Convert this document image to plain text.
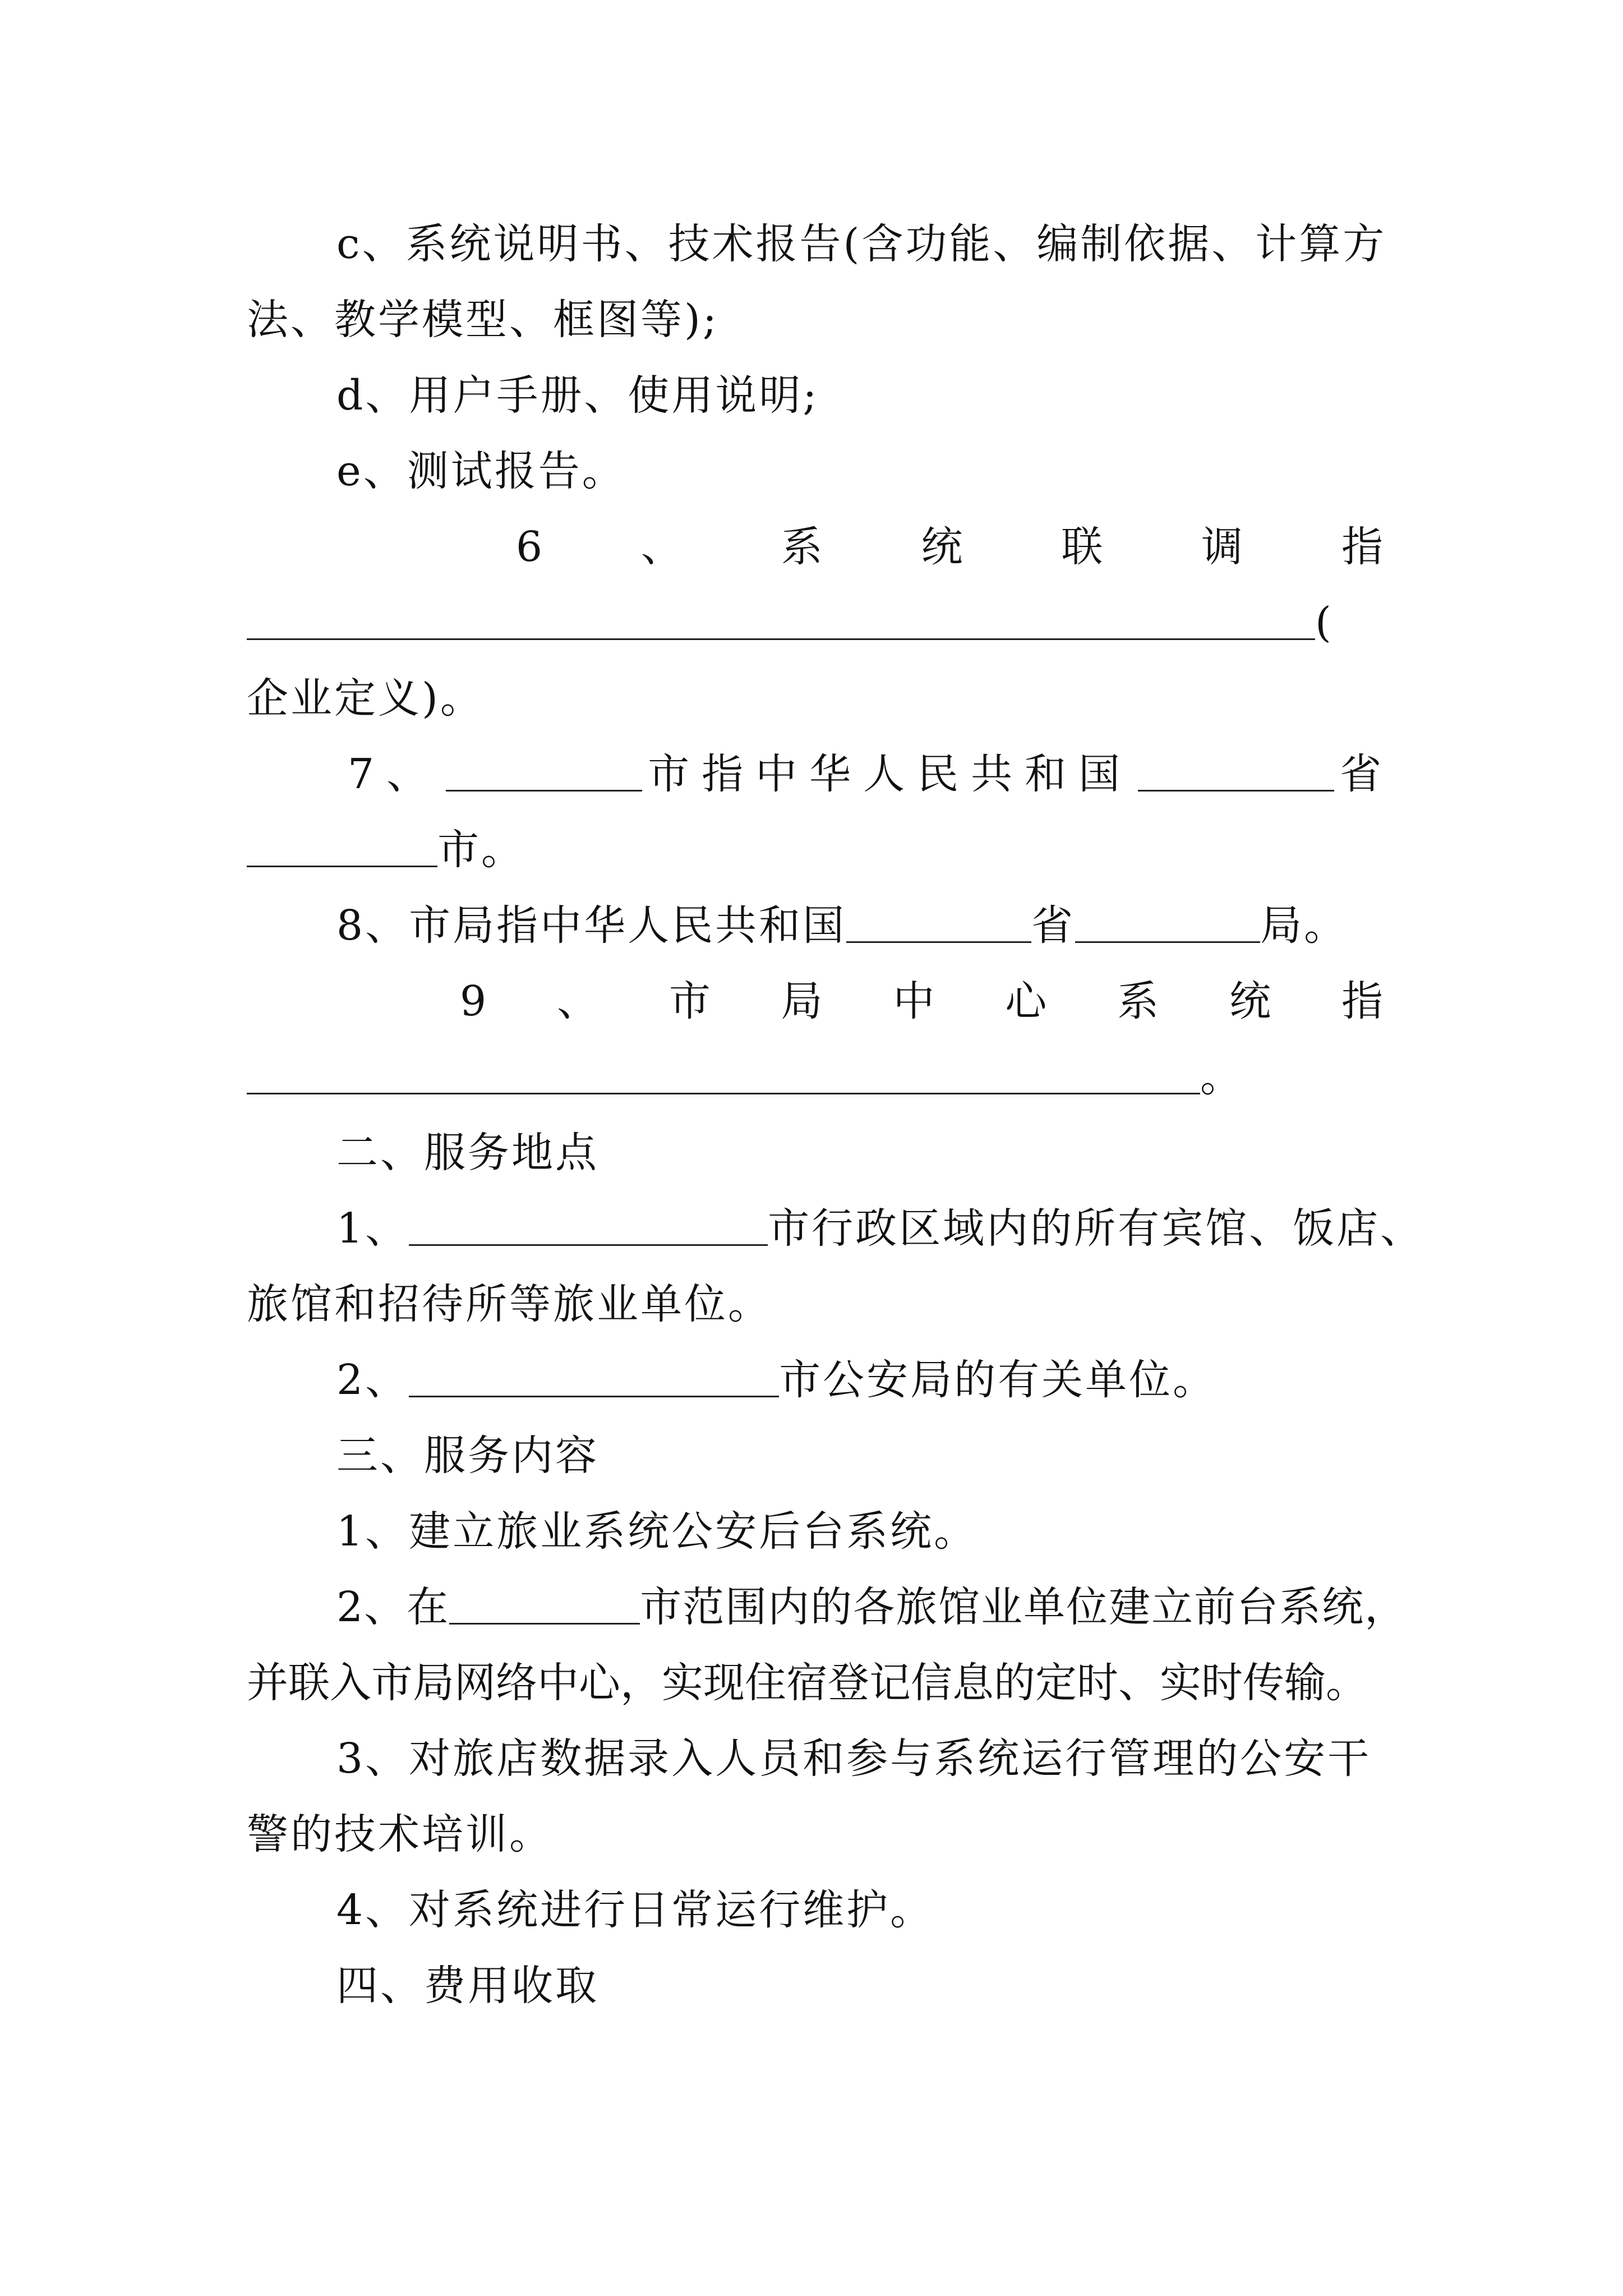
c、系统说明书、技术报告(含功能、编制依据、计算方
法、教学模型、框图等);
d、用户手册、使用说明;
e、测试报告。
6 、 系 统 联 调 指
(
企业定义)。
7、	市指中华人民共和国	省
市。
8、市局指中华人民共和国	省	局。
9 、 市 局 中 心 系 统 指
。
二、服务地点
1、	市行政区域内的所有宾馆、饭店、
旅馆和招待所等旅业单位。
2、	市公安局的有关单位。
三、服务内容
1、建立旅业系统公安后台系统。
2、在	市范围内的各旅馆业单位建立前台系统，
并联入市局网络中心，实现住宿登记信息的定时、实时传输。
3、对旅店数据录入人员和参与系统运行管理的公安干
警的技术培训。
4、对系统进行日常运行维护。
四、费用收取
